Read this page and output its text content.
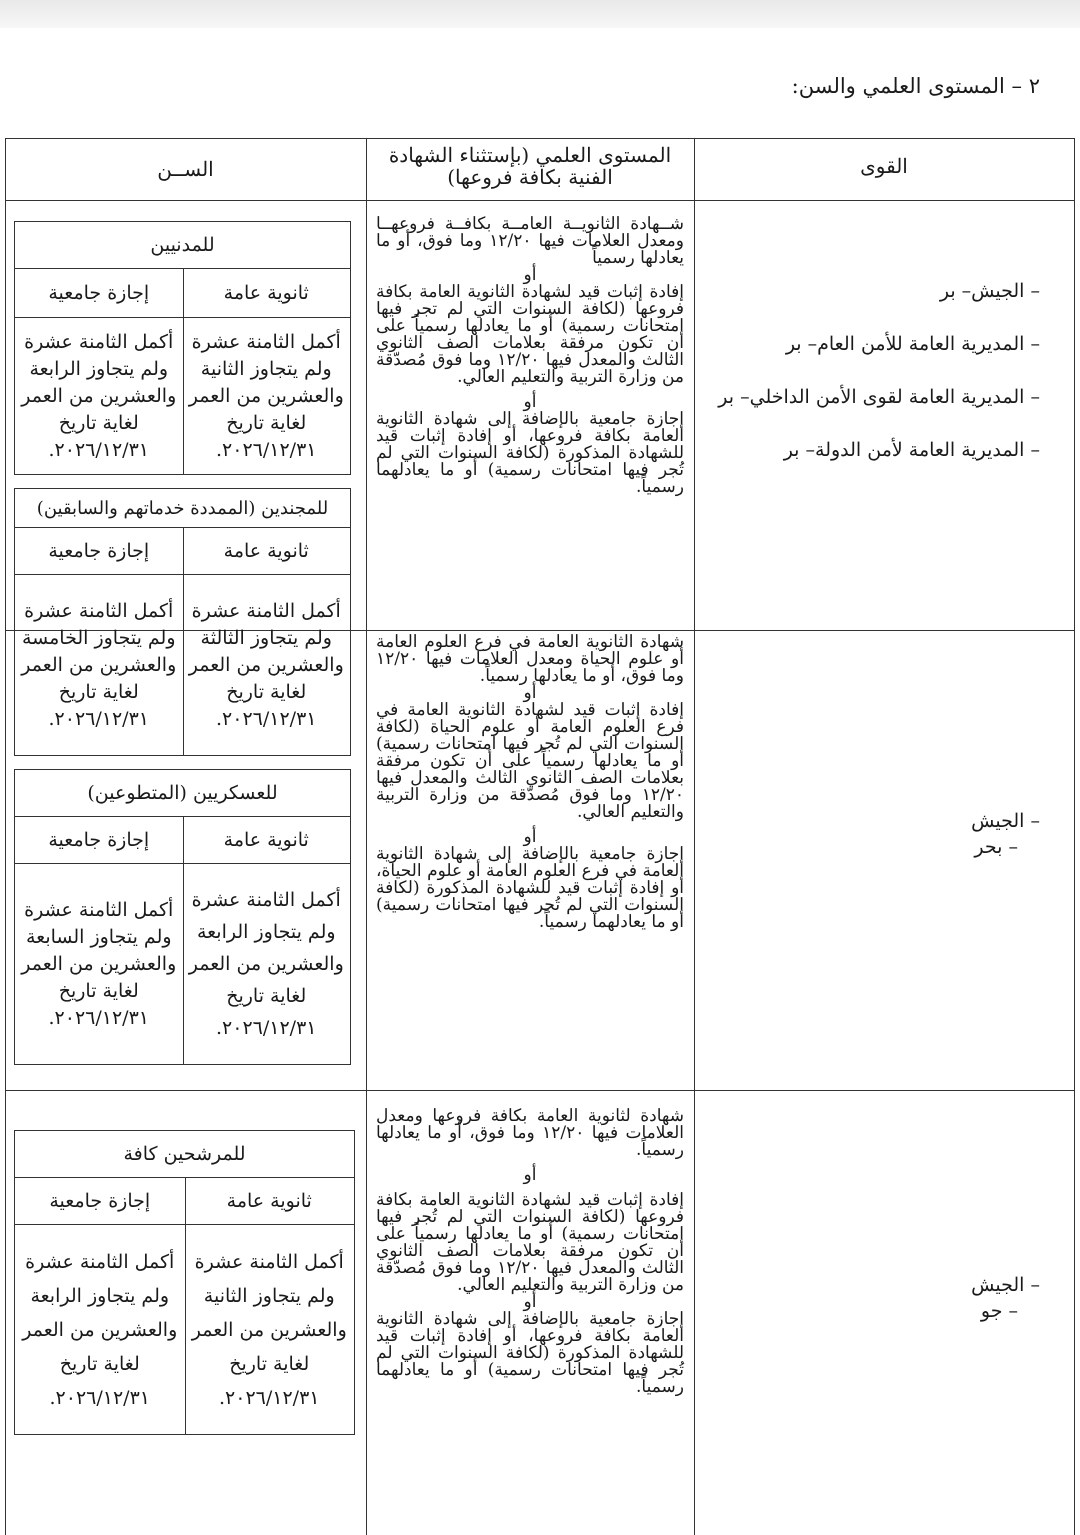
٢ – المستوى العلمي والسن:
القوى
المستوى العلمي (بإستثناء الشهادة الفنية بكافة فروعها)
الســن
– الجيش– بر
– المديرية العامة للأمن العام– بر
– المديرية العامة لقوى الأمن الداخلي– بر
– المديرية العامة لأمن الدولة– بر
شــهادة الثانويــة العامــة بكافــة فروعهــا ومعدل العلامات فيها ١٢/٢٠ وما فوق، أو ما يعادلها رسمياً
أو
إفادة إثبات قيد لشهادة الثانوية العامة بكافة فروعها (لكافة السنوات التي لم تجر فيها امتحانات رسمية) أو ما يعادلها رسمياً على أن تكون مرفقة بعلامات الصف الثانوي الثالث والمعدل فيها ١٢/٢٠ وما فوق مُصدّقة من وزارة التربية والتعليم العالي.
أو
إجازة جامعية بالإضافة إلى شهادة الثانوية العامة بكافة فروعها، أو إفادة إثبات قيد للشهادة المذكورة (لكافة السنوات التي لم تُجر فيها امتحانات رسمية) أو ما يعادلهما رسمياً.
للمدنيين
ثانوية عامة
إجازة جامعية
أكمل الثامنة عشرة ولم يتجاوز الثانية والعشرين من العمر لغاية تاريخ ٢٠٢٦/١٢/٣١.
أكمل الثامنة عشرة ولم يتجاوز الرابعة والعشرين من العمر لغاية تاريخ ٢٠٢٦/١٢/٣١.
للمجندين (الممددة خدماتهم والسابقين)
ثانوية عامة
إجازة جامعية
أكمل الثامنة عشرة ولم يتجاوز الثالثة والعشرين من العمر لغاية تاريخ ٢٠٢٦/١٢/٣١.
أكمل الثامنة عشرة ولم يتجاوز الخامسة والعشرين من العمر لغاية تاريخ ٢٠٢٦/١٢/٣١.
– الجيش
– بحر
شهادة الثانوية العامة في فرع العلوم العامة أو علوم الحياة ومعدل العلامات فيها ١٢/٢٠ وما فوق، أو ما يعادلها رسمياً.
أو
إفادة إثبات قيد لشهادة الثانوية العامة في فرع العلوم العامة أو علوم الحياة (لكافة السنوات التي لم تُجر فيها امتحانات رسمية) أو ما يعادلها رسمياً على أن تكون مرفقة بعلامات الصف الثانوي الثالث والمعدل فيها ١٢/٢٠ وما فوق مُصدّقة من وزارة التربية والتعليم العالي.
أو
إجازة جامعية بالإضافة إلى شهادة الثانوية العامة في فرع العلوم العامة أو علوم الحياة، أو إفادة إثبات قيد للشهادة المذكورة (لكافة السنوات التي لم تُجر فيها امتحانات رسمية) أو ما يعادلهما رسمياً.
للعسكريين (المتطوعين)
ثانوية عامة
إجازة جامعية
أكمل الثامنة عشرة ولم يتجاوز الرابعة والعشرين من العمر لغاية تاريخ ٢٠٢٦/١٢/٣١.
أكمل الثامنة عشرة ولم يتجاوز السابعة والعشرين من العمر لغاية تاريخ ٢٠٢٦/١٢/٣١.
– الجيش
– جو
شهادة لثانوية العامة بكافة فروعها ومعدل العلامات فيها ١٢/٢٠ وما فوق، أو ما يعادلها رسمياً.
أو
إفادة إثبات قيد لشهادة الثانوية العامة بكافة فروعها (لكافة السنوات التي لم تُجر فيها امتحانات رسمية) أو ما يعادلها رسمياً على أن تكون مرفقة بعلامات الصف الثانوي الثالث والمعدل فيها ١٢/٢٠ وما فوق مُصدّقة من وزارة التربية والتعليم العالي.
أو
إجازة جامعية بالإضافة إلى شهادة الثانوية العامة بكافة فروعها، أو إفادة إثبات قيد للشهادة المذكورة (لكافة السنوات التي لم تُجر فيها امتحانات رسمية) أو ما يعادلهما رسمياً.
للمرشحين كافة
ثانوية عامة
إجازة جامعية
أكمل الثامنة عشرة ولم يتجاوز الثانية والعشرين من العمر لغاية تاريخ ٢٠٢٦/١٢/٣١.
أكمل الثامنة عشرة ولم يتجاوز الرابعة والعشرين من العمر لغاية تاريخ ٢٠٢٦/١٢/٣١.
